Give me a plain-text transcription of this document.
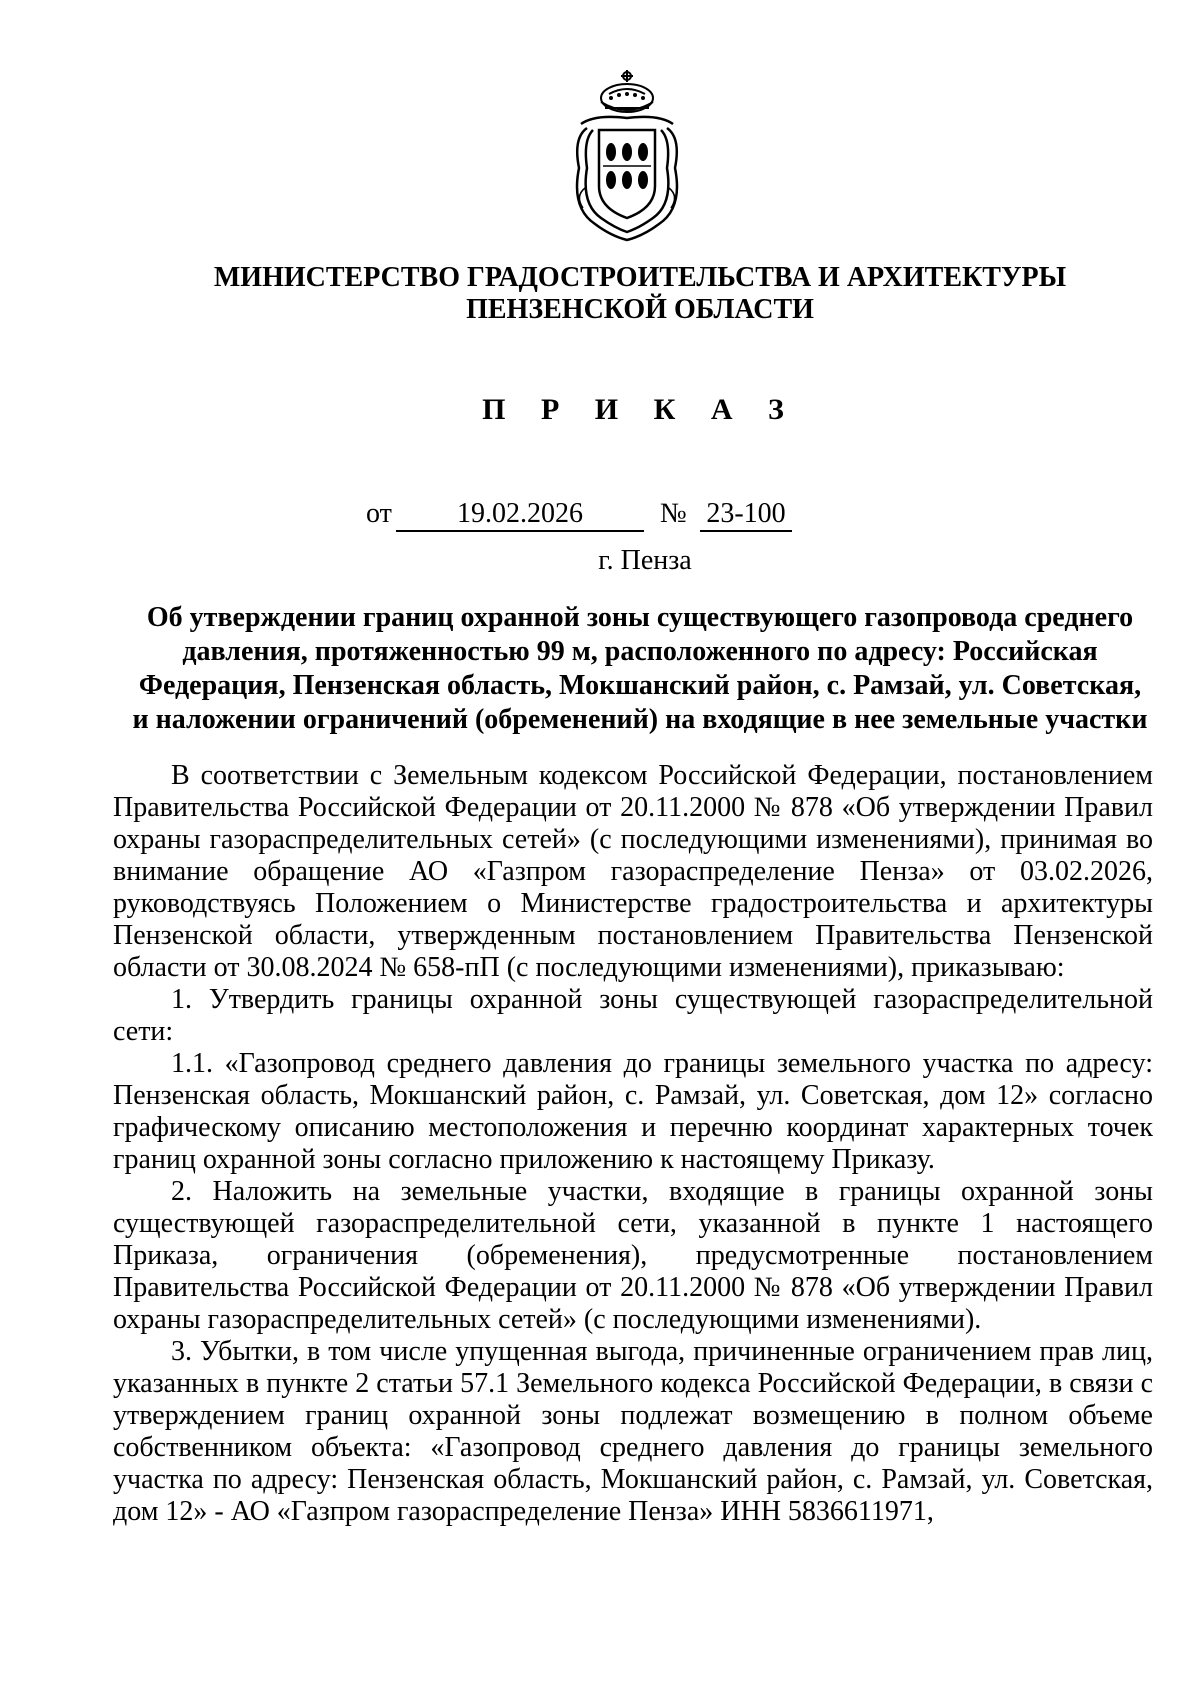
МИНИСТЕРСТВО ГРАДОСТРОИТЕЛЬСТВА И АРХИТЕКТУРЫ
ПЕНЗЕНСКОЙ ОБЛАСТИ
П Р И К А З
от	19.02.2026	№ 23-100
г. Пенза
Об утверждении границ охранной зоны существующего газопровода среднего
давления, протяженностью 99 м, расположенного по адресу: Российская
Федерация, Пензенская область, Мокшанский район, с. Рамзай, ул. Советская,
и наложении ограничений (обременений) на входящие в нее земельные участки

В соответствии с Земельным кодексом Российской Федерации, постановлением Правительства Российской Федерации от 20.11.2000 № 878 «Об утверждении Правил охраны газораспределительных сетей» (с последующими изменениями), принимая во внимание обращение АО «Газпром газораспределение Пенза» от 03.02.2026, руководствуясь Положением о Министерстве градостроительства и архитектуры Пензенской области, утвержденным постановлением Правительства Пензенской области от 30.08.2024 № 658-пП (с последующими изменениями), приказываю:

1. Утвердить границы охранной зоны существующей газораспределительной сети:

1.1. «Газопровод среднего давления до границы земельного участка по адресу: Пензенская область, Мокшанский район, с. Рамзай, ул. Советская, дом 12» согласно графическому описанию местоположения и перечню координат характерных точек границ охранной зоны согласно приложению к настоящему Приказу.

2. Наложить на земельные участки, входящие в границы охранной зоны существующей газораспределительной сети, указанной в пункте 1 настоящего Приказа, ограничения (обременения), предусмотренные постановлением Правительства Российской Федерации от 20.11.2000 № 878 «Об утверждении Правил охраны газораспределительных сетей» (с последующими изменениями).

3. Убытки, в том числе упущенная выгода, причиненные ограничением прав лиц, указанных в пункте 2 статьи 57.1 Земельного кодекса Российской Федерации, в связи с утверждением границ охранной зоны подлежат возмещению в полном объеме собственником объекта: «Газопровод среднего давления до границы земельного участка по адресу: Пензенская область, Мокшанский район, с. Рамзай, ул. Советская, дом 12» - АО «Газпром газораспределение Пенза» ИНН 5836611971,
